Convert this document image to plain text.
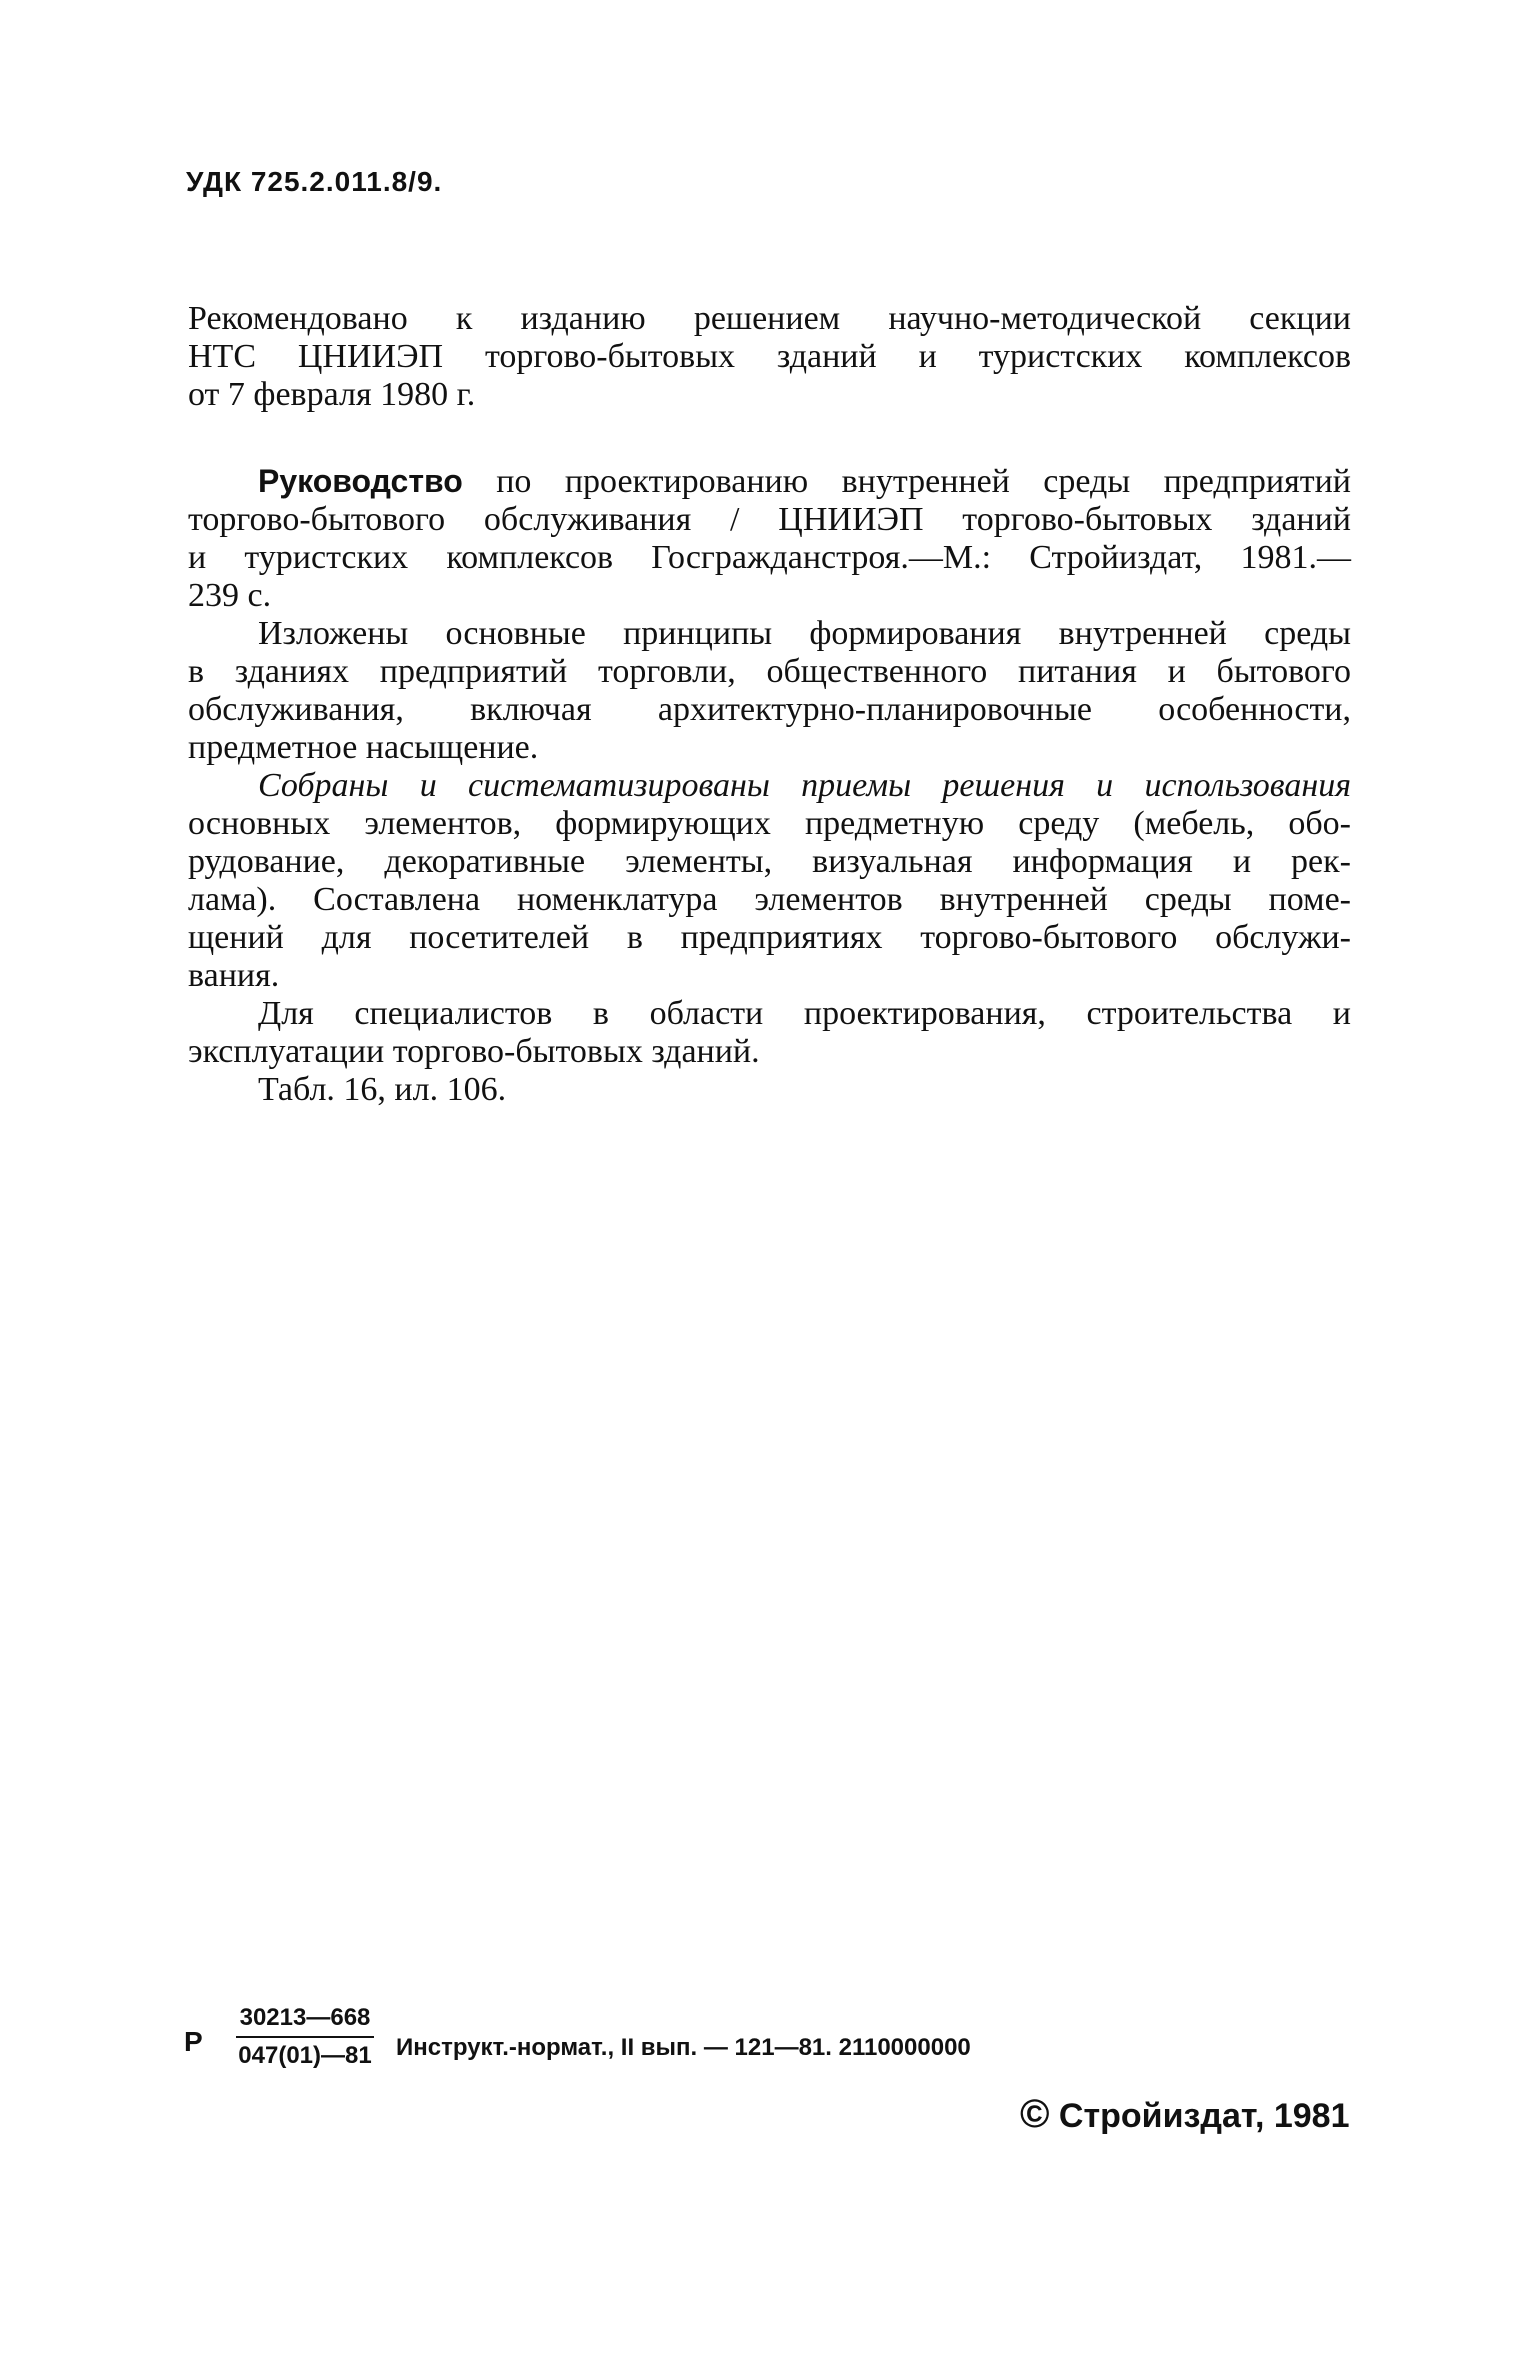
УДК 725.2.011.8/9.
Рекомендовано к изданию решением научно-методической секции
НТС ЦНИИЭП торгово-бытовых зданий и туристских комплексов
от 7 февраля 1980 г.
Руководство по проектированию внутренней среды предприятий
торгово-бытового обслуживания / ЦНИИЭП торгово-бытовых зданий
и туристских комплексов Госгражданстроя.—М.: Стройиздат, 1981.—
239 с.
Изложены основные принципы формирования внутренней среды
в зданиях предприятий торговли, общественного питания и бытового
обслуживания, включая архитектурно-планировочные особенности,
предметное насыщение.
Собраны и систематизированы приемы решения и использования
основных элементов, формирующих предметную среду (мебель, обо-
рудование, декоративные элементы, визуальная информация и рек-
лама). Составлена номенклатура элементов внутренней среды поме-
щений для посетителей в предприятиях торгово-бытового обслужи-
вания.
Для специалистов в области проектирования, строительства и
эксплуатации торгово-бытовых зданий.
Табл. 16, ил. 106.
Р $\frac{30213—668}{047(01)—81}$ Инструкт.-нормат., II вып. — 121—81. 2110000000
© Стройиздат, 1981
